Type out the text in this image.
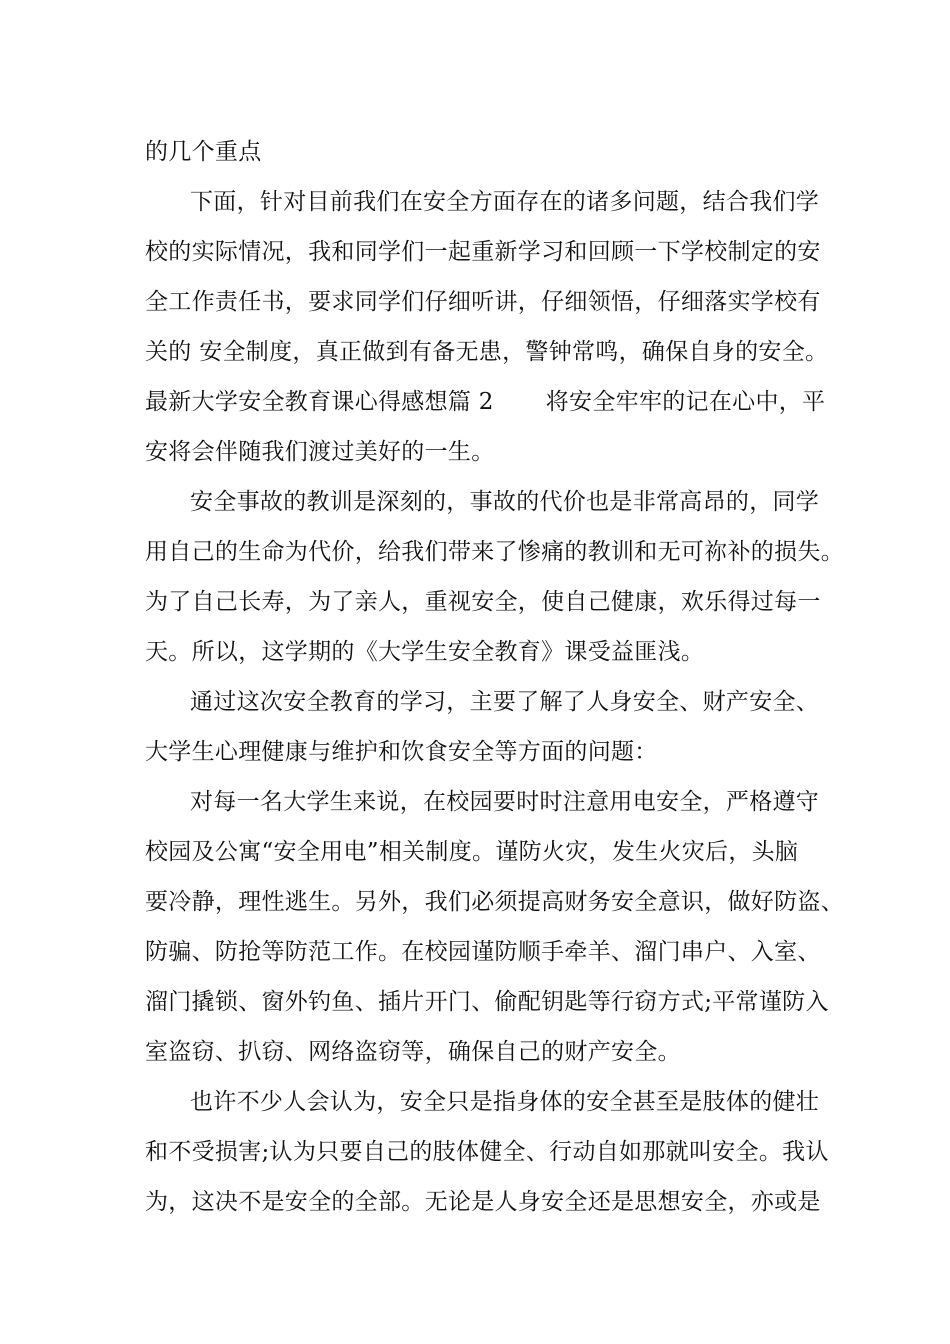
的几个重点

下面，针对目前我们在安全方面存在的诸多问题，结合我们学

校的实际情况，我和同学们一起重新学习和回顾一下学校制定的安

全工作责任书，要求同学们仔细听讲，仔细领悟，仔细落实学校有

关的 安全制度，真正做到有备无患，警钟常鸣，确保自身的安全。

最新大学安全教育课心得感想篇 2 将安全牢牢的记在心中，平

安将会伴随我们渡过美好的一生。

安全事故的教训是深刻的，事故的代价也是非常高昂的，同学

用自己的生命为代价，给我们带来了惨痛的教训和无可祢补的损失。

为了自己长寿，为了亲人，重视安全，使自己健康，欢乐得过每一

天。所以，这学期的《大学生安全教育》课受益匪浅。

通过这次安全教育的学习，主要了解了人身安全、财产安全、

大学生心理健康与维护和饮食安全等方面的问题：

对每一名大学生来说，在校园要时时注意用电安全，严格遵守

校园及公寓“安全用电”相关制度。谨防火灾，发生火灾后，头脑

要冷静，理性逃生。另外，我们必须提高财务安全意识，做好防盗、

防骗、防抢等防范工作。在校园谨防顺手牵羊、溜门串户、入室、

溜门撬锁、窗外钓鱼、插片开门、偷配钥匙等行窃方式;平常谨防入

室盗窃、扒窃、网络盗窃等，确保自己的财产安全。

也许不少人会认为，安全只是指身体的安全甚至是肢体的健壮

和不受损害;认为只要自己的肢体健全、行动自如那就叫安全。我认

为，这决不是安全的全部。无论是人身安全还是思想安全，亦或是
